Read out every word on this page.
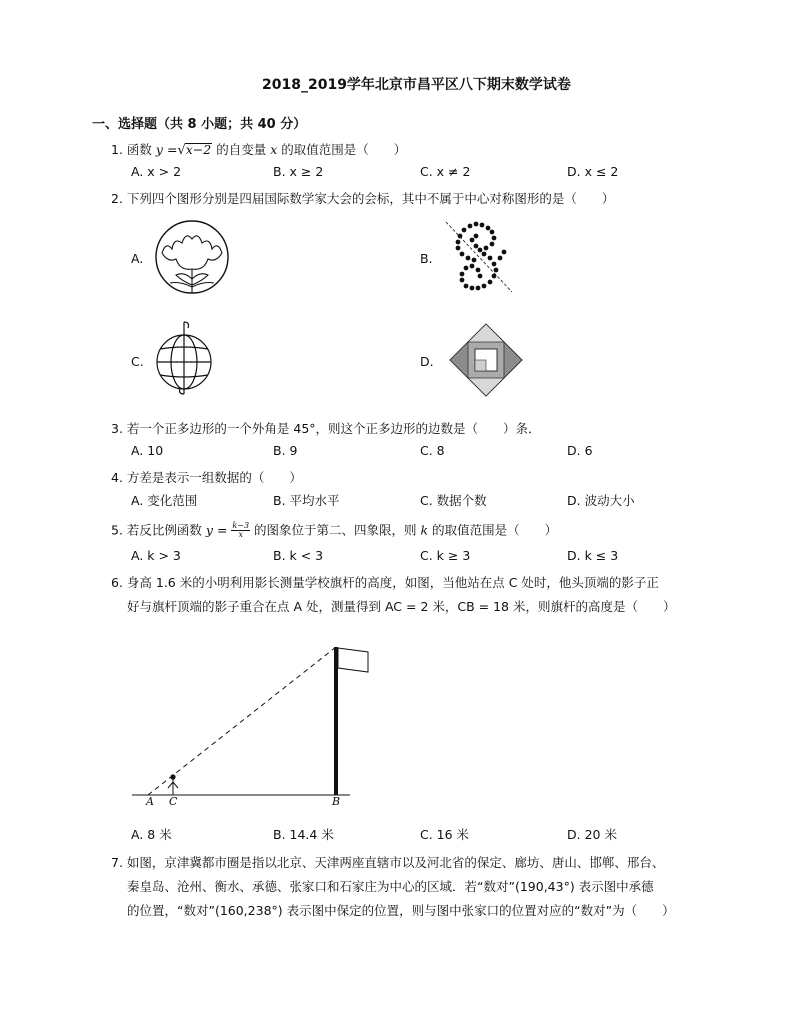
2018_2019学年北京市昌平区八下期末数学试卷
一、选择题（共 8 小题；共 40 分）
1. 函数 y =√x−2 的自变量 x 的取值范围是（　　）
A. x > 2	B. x ≥ 2	C. x ≠ 2	D. x ≤ 2
2. 下列四个图形分别是四届国际数学家大会的会标，其中不属于中心对称图形的是（　　）
A.	B.
C.	D.
3. 若一个正多边形的一个外角是 45°，则这个正多边形的边数是（　　）条．
A. 10	B. 9	C. 8	D. 6
4. 方差是表示一组数据的（　　）
A. 变化范围	B. 平均水平	C. 数据个数	D. 波动大小
5. 若反比例函数 $y = \frac{k-3}{x}$ 的图象位于第二、四象限，则 k 的取值范围是（　　）
A. k > 3	B. k < 3	C. k ≥ 3	D. k ≤ 3
6. 身高 1.6 米的小明利用影长测量学校旗杆的高度，如图，当他站在点 C 处时，他头顶端的影子正
好与旗杆顶端的影子重合在点 A 处，测量得到 AC = 2 米，CB = 18 米，则旗杆的高度是（　　）
A C	B
A. 8 米	B. 14.4 米	C. 16 米	D. 20 米
7. 如图，京津冀都市圈是指以北京、天津两座直辖市以及河北省的保定、廊坊、唐山、邯郸、邢台、
秦皇岛、沧州、衡水、承德、张家口和石家庄为中心的区域．若“数对”(190,43°) 表示图中承德
的位置，“数对”(160,238°) 表示图中保定的位置，则与图中张家口的位置对应的“数对”为（　　）
